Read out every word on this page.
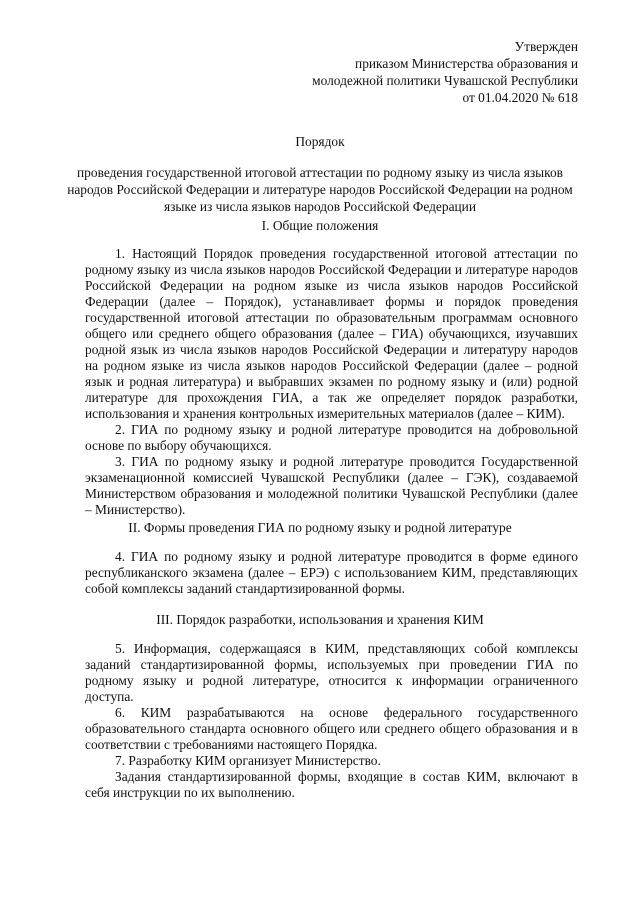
Утвержден
приказом Министерства образования и
молодежной политики Чувашской Республики
от 01.04.2020 № 618
Порядок
проведения государственной итоговой аттестации по родному языку из числа языков народов Российской Федерации и литературе народов Российской Федерации на родном языке из числа языков народов Российской Федерации
I. Общие положения

1. Настоящий Порядок проведения государственной итоговой аттестации по родному языку из числа языков народов Российской Федерации и литературе народов Российской Федерации на родном языке из числа языков народов Российской Федерации (далее – Порядок), устанавливает формы и порядок проведения государственной итоговой аттестации по образовательным программам основного общего или среднего общего образования (далее – ГИА) обучающихся, изучавших родной язык из числа языков народов Российской Федерации и литературу народов на родном языке из числа языков народов Российской Федерации (далее – родной язык и родная литература) и выбравших экзамен по родному языку и (или) родной литературе для прохождения ГИА, а так же определяет порядок разработки, использования и хранения контрольных измерительных материалов (далее – КИМ).

2. ГИА по родному языку и родной литературе проводится на добровольной основе по выбору обучающихся.

3. ГИА по родному языку и родной литературе проводится Государственной экзаменационной комиссией Чувашской Республики (далее – ГЭК), создаваемой Министерством образования и молодежной политики Чувашской Республики (далее – Министерство).

II. Формы проведения ГИА по родному языку и родной литературе

4. ГИА по родному языку и родной литературе проводится в форме единого республиканского экзамена (далее – ЕРЭ) с использованием КИМ, представляющих собой комплексы заданий стандартизированной формы.

III. Порядок разработки, использования и хранения КИМ

5. Информация, содержащаяся в КИМ, представляющих собой комплексы заданий стандартизированной формы, используемых при проведении ГИА по родному языку и родной литературе, относится к информации ограниченного доступа.

6. КИМ разрабатываются на основе федерального государственного образовательного стандарта основного общего или среднего общего образования и в соответствии с требованиями настоящего Порядка.

7. Разработку КИМ организует Министерство.

Задания стандартизированной формы, входящие в состав КИМ, включают в себя инструкции по их выполнению.
